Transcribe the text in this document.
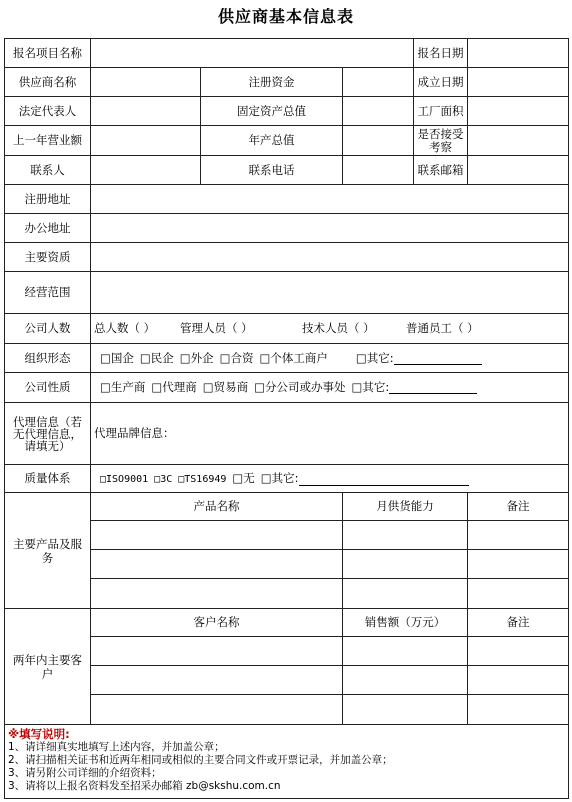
供应商基本信息表
报名项目名称				报名日期	
供应商名称		注册资金		成立日期	
法定代表人		固定资产总值		工厂面积	
上一年营业额		年产总值		是否接受考察	
联系人		联系电话		联系邮箱	
注册地址					
办公地址					
主要资质					
经营范围					
公司人数	总人数（ ） 管理人员（ ） 技术人员（ ） 普通员工（ ）				
组织形态	□国企 □民企 □外企 □合资 □个体工商户 □其它:				
公司性质	□生产商 □代理商 □贸易商 □分公司或办事处 □其它:				
代理信息（若无代理信息，请填无）	代理品牌信息：				
质量体系	□ISO9001 □3C □TS16949 □无 □其它:				
主要产品及服务	产品名称		月供货能力		备注

两年内主要客户	客户名称		销售额（万元）		备注

※填写说明:
1、请详细真实地填写上述内容，并加盖公章；
2、请扫描相关证书和近两年相同或相似的主要合同文件或开票记录，并加盖公章；
3、请另附公司详细的介绍资料；
3、请将以上报名资料发至招采办邮箱 zb@skshu.com.cn					
